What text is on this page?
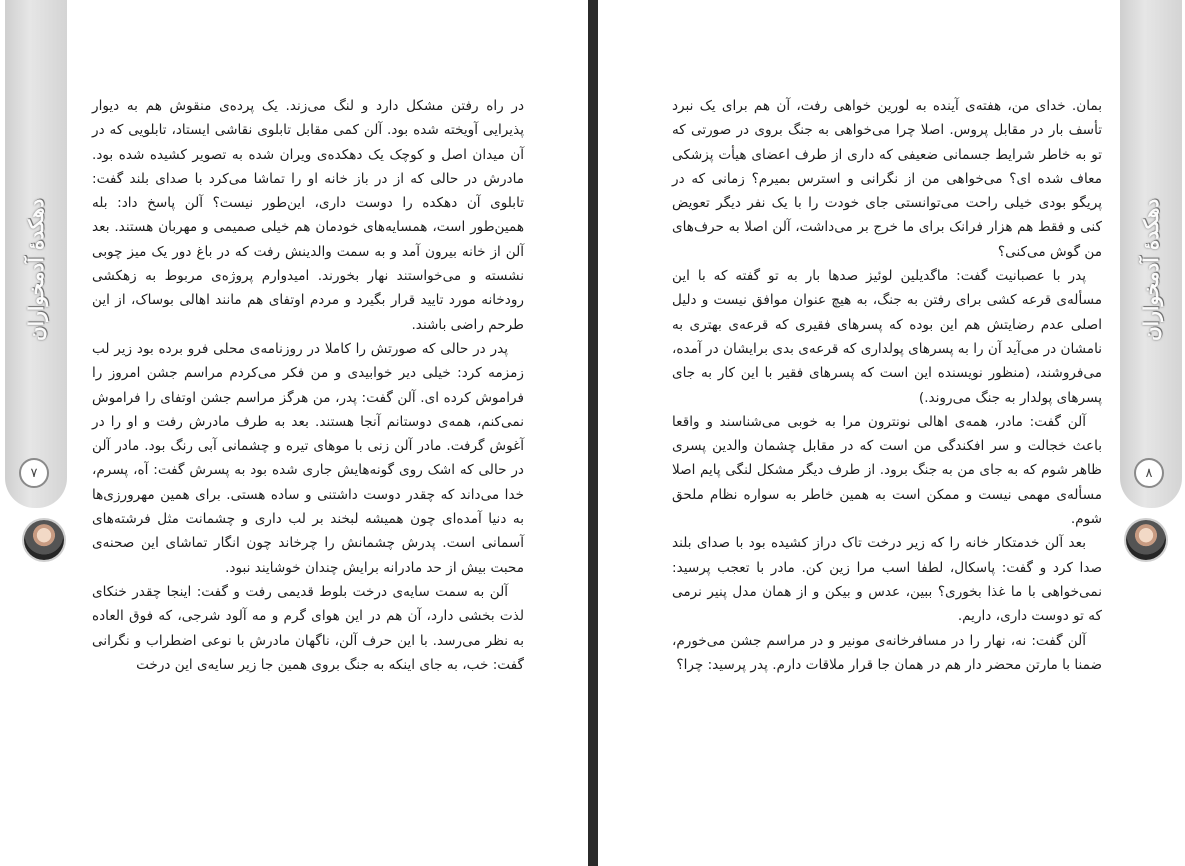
دهکدهٔ آدمخواران
۷

در راه رفتن مشکل دارد و لنگ می‌زند. یک پرده‌ی منقوش هم به دیوار پذیرایی آویخته شده بود. آلن کمی مقابل تابلوی نقاشی ایستاد، تابلویی که در آن میدان اصل و کوچک یک دهکده‌ی ویران شده به تصویر کشیده شده بود. مادرش در حالی که از در باز خانه او را تماشا می‌کرد با صدای بلند گفت: تابلوی آن دهکده را دوست داری، این‌طور نیست؟ آلن پاسخ داد: بله همین‌طور است، همسایه‌های خودمان هم خیلی صمیمی و مهربان هستند. بعد آلن از خانه بیرون آمد و به سمت والدینش رفت که در باغ دور یک میز چوبی نشسته و می‌خواستند نهار بخورند. امیدوارم پروژه‌ی مربوط به زهکشی رودخانه مورد تایید قرار بگیرد و مردم اوتفای هم مانند اهالی بوساک، از این طرحم راضی باشند.

پدر در حالی که صورتش را کاملا در روزنامه‌ی محلی فرو برده بود زیر لب زمزمه کرد: خیلی دیر خوابیدی و من فکر می‌کردم مراسم جشن امروز را فراموش کرده ای. آلن گفت: پدر، من هرگز مراسم جشن اوتفای را فراموش نمی‌کنم، همه‌ی دوستانم آنجا هستند. بعد به طرف مادرش رفت و او را در آغوش گرفت. مادر آلن زنی با موهای تیره و چشمانی آبی رنگ بود. مادر آلن در حالی که اشک روی گونه‌هایش جاری شده بود به پسرش گفت: آه، پسرم، خدا می‌داند که چقدر دوست داشتنی و ساده هستی. برای همین مهرورزی‌ها به دنیا آمده‌ای چون همیشه لبخند بر لب داری و چشمانت مثل فرشته‌های آسمانی است. پدرش چشمانش را چرخاند چون انگار تماشای این صحنه‌ی محبت بیش از حد مادرانه برایش چندان خوشایند نبود.

آلن به سمت سایه‌ی درخت بلوط قدیمی رفت و گفت: اینجا چقدر خنکای لذت بخشی دارد، آن هم در این هوای گرم و مه آلود شرجی، که فوق العاده به نظر می‌رسد. با این حرف آلن، ناگهان مادرش با نوعی اضطراب و نگرانی گفت: خب، به جای اینکه به جنگ بروی همین جا زیر سایه‌ی این درخت

دهکدهٔ آدمخواران
۸

بمان. خدای من، هفته‌ی آینده به لورین خواهی رفت، آن هم برای یک نبرد تأسف بار در مقابل پروس. اصلا چرا می‌خواهی به جنگ بروی در صورتی که تو به خاطر شرایط جسمانی ضعیفی که داری از طرف اعضای هیأت پزشکی معاف شده ای؟ می‌خواهی من از نگرانی و استرس بمیرم؟ زمانی که در پریگو بودی خیلی راحت می‌توانستی جای خودت را با یک نفر دیگر تعویض کنی و فقط هم هزار فرانک برای ما خرج بر می‌داشت، آلن اصلا به حرف‌های من گوش می‌کنی؟

پدر با عصبانیت گفت: ماگدیلین لوئیز صدها بار به تو گفته که با این مسأله‌ی قرعه کشی برای رفتن به جنگ، به هیچ عنوان موافق نیست و دلیل اصلی عدم رضایتش هم این بوده که پسرهای فقیری که قرعه‌ی بهتری به نامشان در می‌آید آن را به پسرهای پولداری که قرعه‌ی بدی برایشان در آمده، می‌فروشند، (منظور نویسنده این است که پسرهای فقیر با این کار به جای پسرهای پولدار به جنگ می‌روند.)

آلن گفت: مادر، همه‌ی اهالی نونترون مرا به خوبی می‌شناسند و واقعا باعث خجالت و سر افکندگی من است که در مقابل چشمان والدین پسری ظاهر شوم که به جای من به جنگ برود. از طرف دیگر مشکل لنگی پایم اصلا مسأله‌ی مهمی نیست و ممکن است به همین خاطر به سواره نظام ملحق شوم.

بعد آلن خدمتکار خانه را که زیر درخت تاک دراز کشیده بود با صدای بلند صدا کرد و گفت: پاسکال، لطفا اسب مرا زین کن. مادر با تعجب پرسید: نمی‌خواهی با ما غذا بخوری؟ ببین، عدس و بیکن و از همان مدل پنیر نرمی که تو دوست داری، داریم.

آلن گفت: نه، نهار را در مسافرخانه‌ی مونیر و در مراسم جشن می‌خورم، ضمنا با مارتن محضر دار هم در همان جا قرار ملاقات دارم. پدر پرسید: چرا؟
